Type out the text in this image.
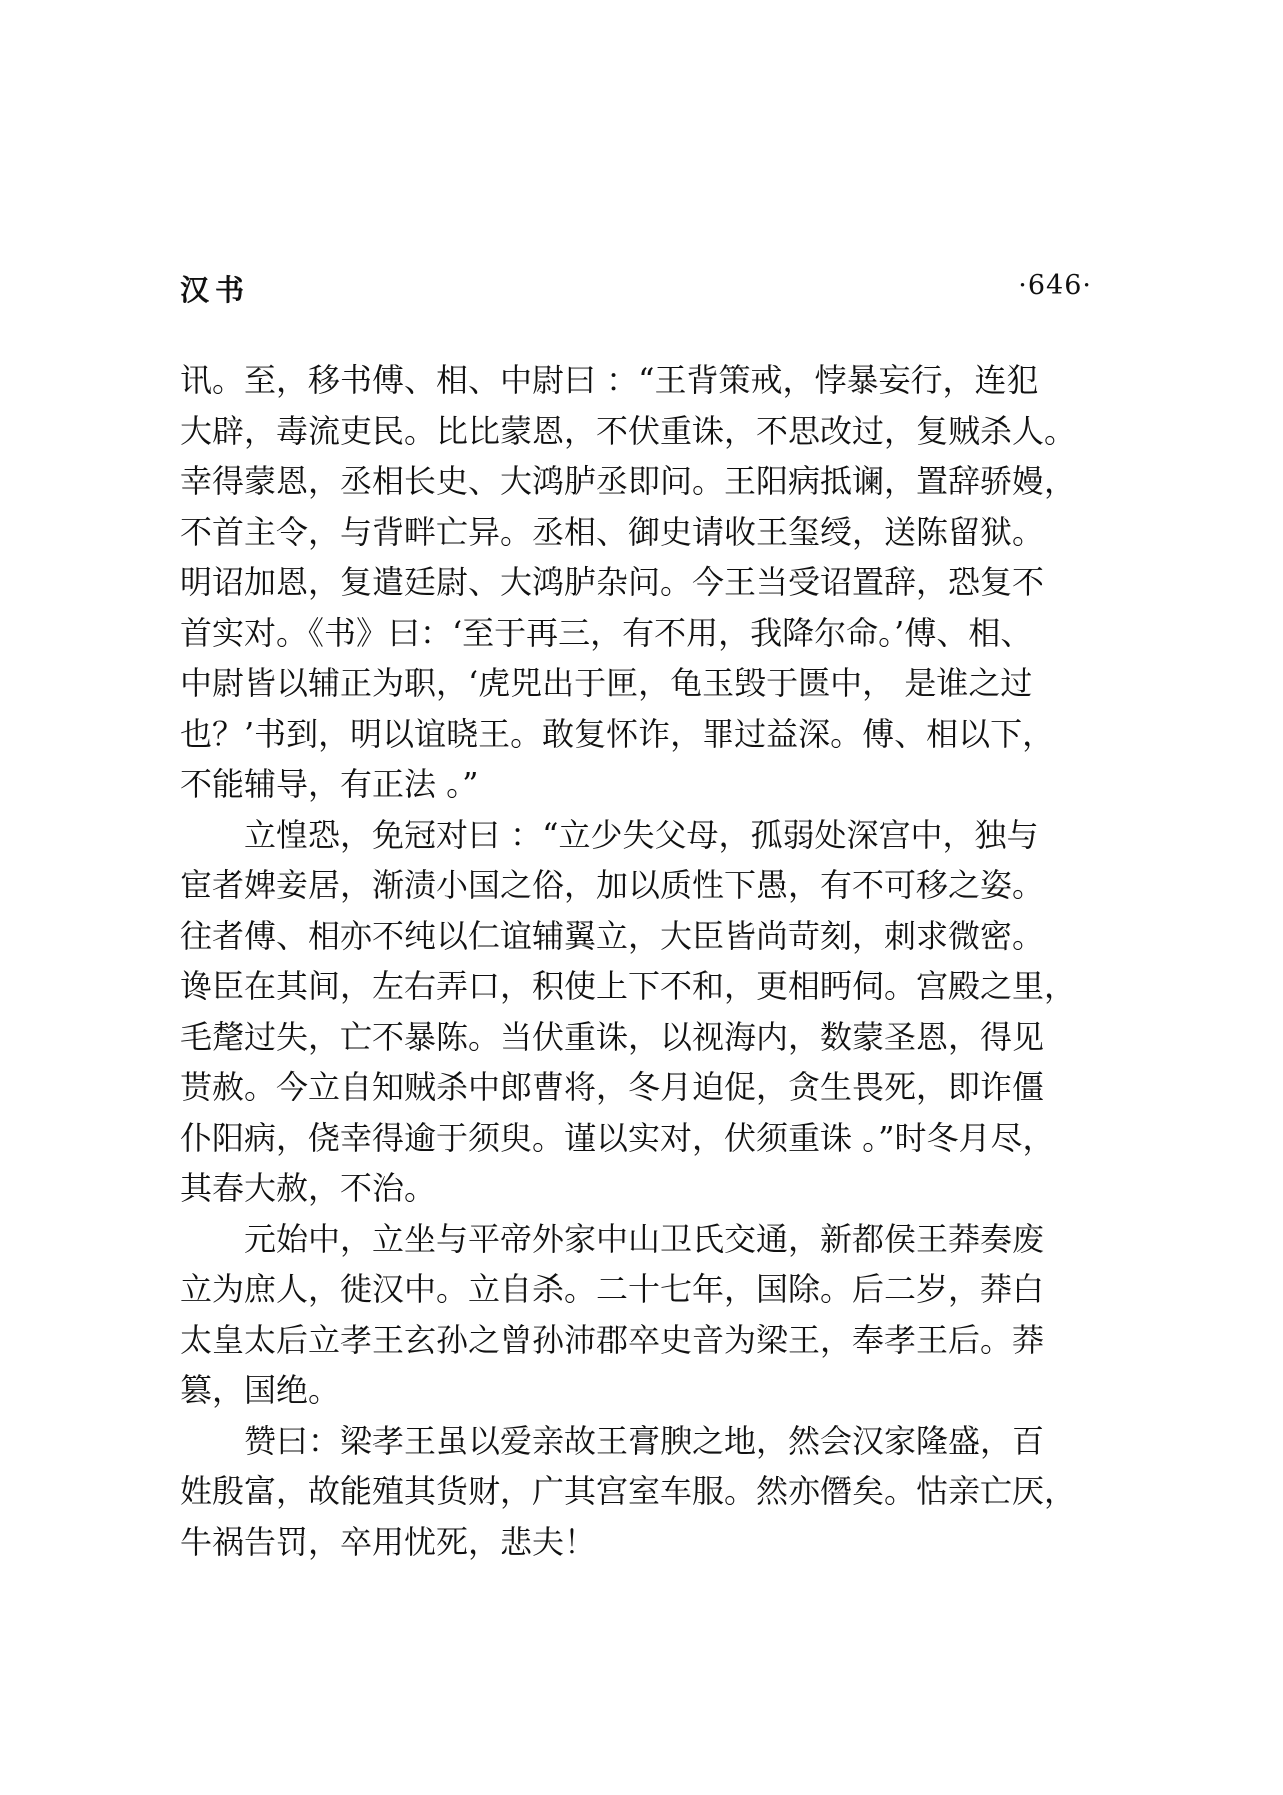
汉书	·646·
讯。至，移书傅、相、中尉曰 ：“王背策戒，悖暴妄行，连犯
大辟，毒流吏民。比比蒙恩，不伏重诛，不思改过，复贼杀人。
幸得蒙恩，丞相长史、大鸿胪丞即问。王阳病抵谰，置辞骄嫚，
不首主令，与背畔亡异。丞相、御史请收王玺绶，送陈留狱。
明诏加恩，复遣廷尉、大鸿胪杂问。今王当受诏置辞，恐复不
首实对。《书》曰：‘至于再三，有不用，我降尔命。’傅、相、
中尉皆以辅正为职，‘虎兕出于匣，龟玉毁于匮中， 是谁之过
也？’书到，明以谊晓王。敢复怀诈，罪过益深。傅、相以下，
不能辅导，有正法 。”
立惶恐，免冠对曰 ：“立少失父母，孤弱处深宫中，独与
宦者婢妾居，渐渍小国之俗，加以质性下愚，有不可移之姿。
往者傅、相亦不纯以仁谊辅翼立，大臣皆尚苛刻，刺求微密。
谗臣在其间，左右弄口，积使上下不和，更相眄伺。宫殿之里，
毛氂过失，亡不暴陈。当伏重诛，以视海内，数蒙圣恩，得见
贳赦。今立自知贼杀中郎曹将，冬月迫促，贪生畏死，即诈僵
仆阳病，侥幸得逾于须臾。谨以实对，伏须重诛 。”时冬月尽，
其春大赦，不治。
元始中，立坐与平帝外家中山卫氏交通，新都侯王莽奏废
立为庶人，徙汉中。立自杀。二十七年，国除。后二岁，莽白
太皇太后立孝王玄孙之曾孙沛郡卒史音为梁王，奉孝王后。莽
篡，国绝。
赞曰：梁孝王虽以爱亲故王膏腴之地，然会汉家隆盛，百
姓殷富，故能殖其货财，广其宫室车服。然亦僭矣。怙亲亡厌，
牛祸告罚，卒用忧死，悲夫！
